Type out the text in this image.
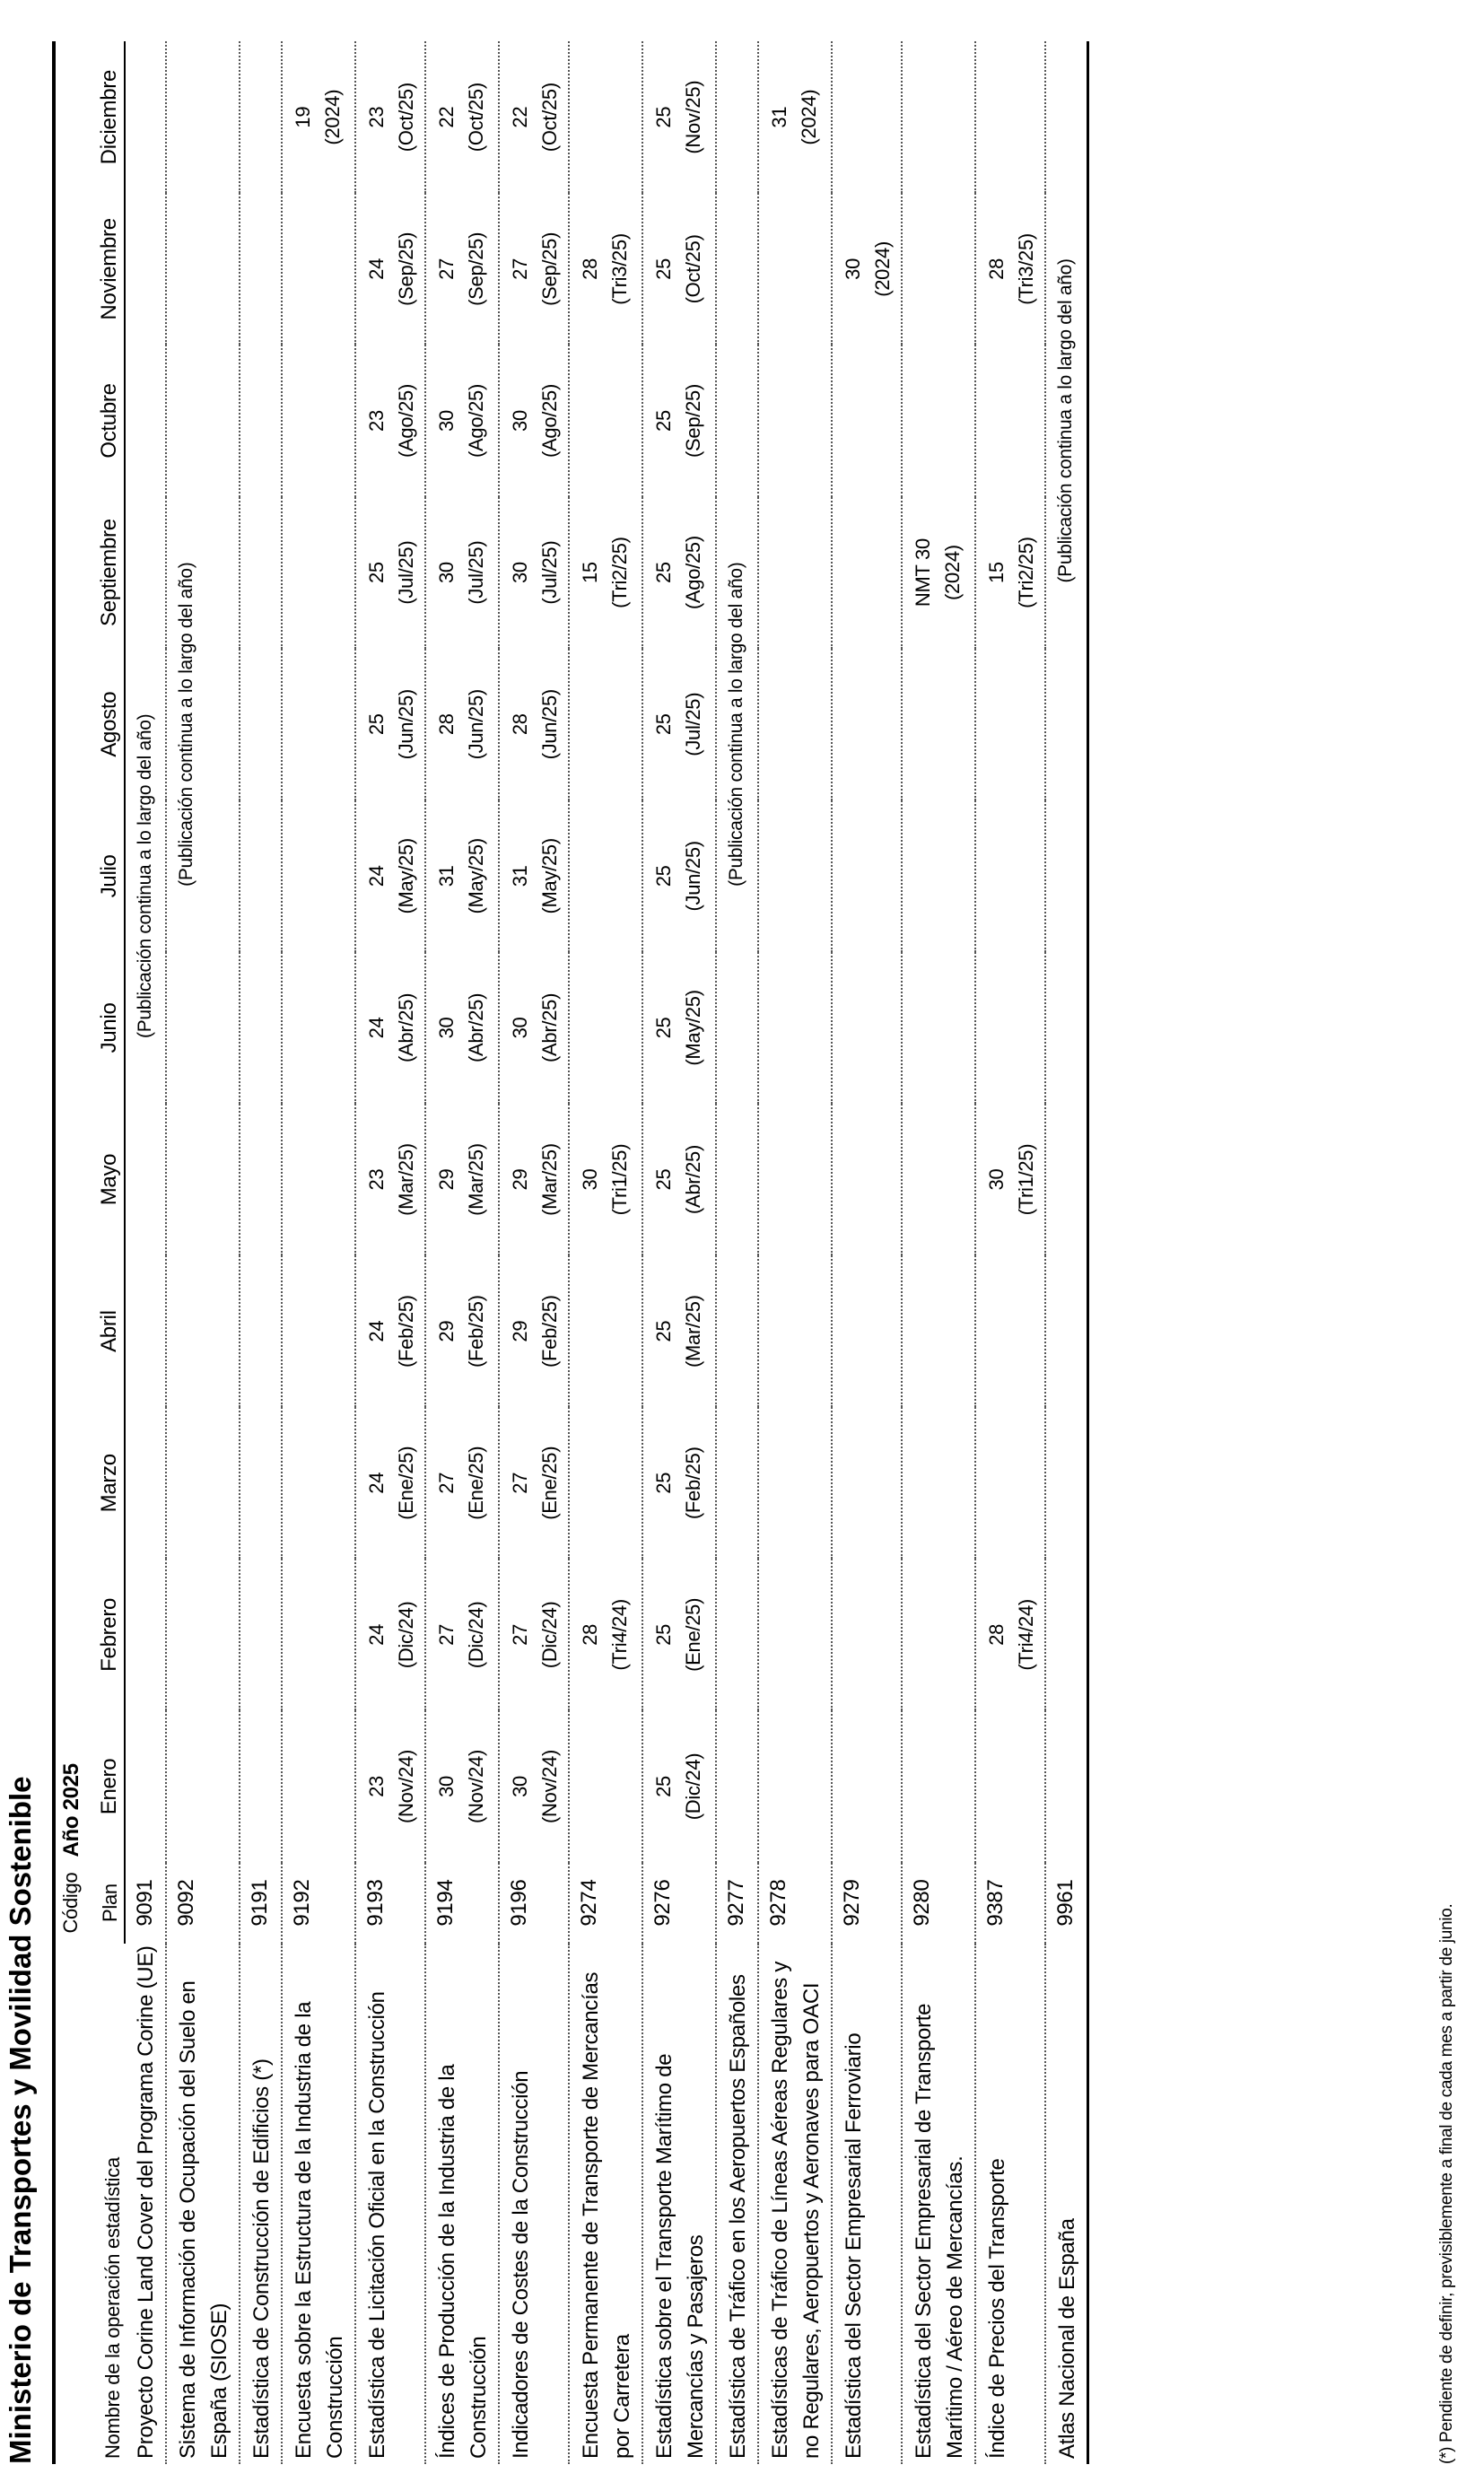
Ministerio de Transportes y Movilidad Sostenible	Nombre de la operación estadística	Código	Año 2025											
	Plan	Enero	Febrero	Marzo	Abril	Mayo	Junio	Julio	Agosto	Septiembre	Octubre	Noviembre	Diciembre
Proyecto Corine Land Cover del Programa Corine (UE)	9091					(Publicación continua a lo largo del año)							
Sistema de Información de Ocupación del Suelo en España (SIOSE)	9092						(Publicación continua a lo largo del año)						
Estadística de Construcción de Edificios (*)	9191												
Encuesta sobre la Estructura de la Industria de la Construcción	9192												19 (2024)

Estadística de Licitación Oficial en la Construcción	9193	23 (Nov/24)	24 (Dic/24)	24 (Ene/25)	24 (Feb/25)	23 (Mar/25)	24 (Abr/25)	24 (May/25)	25 (Jun/25)	25 (Jul/25)	23 (Ago/25)	24 (Sep/25)	23 (Oct/25)

Índices de Producción de la Industria de la Construcción	9194	30 (Nov/24)	27 (Dic/24)	27 (Ene/25)	29 (Feb/25)	29 (Mar/25)	30 (Abr/25)	31 (May/25)	28 (Jun/25)	30 (Jul/25)	30 (Ago/25)	27 (Sep/25)	22 (Oct/25)

Indicadores de Costes de la Construcción	9196	30 (Nov/24)	27 (Dic/24)	27 (Ene/25)	29 (Feb/25)	29 (Mar/25)	30 (Abr/25)	31 (May/25)	28 (Jun/25)	30 (Jul/25)	30 (Ago/25)	27 (Sep/25)	22 (Oct/25)

Encuesta Permanente de Transporte de Mercancías por Carretera	9274		28 (Tri4/24)			30 (Tri1/25)				15 (Tri2/25)		28 (Tri3/25)	

Estadística sobre el Transporte Marítimo de Mercancías y Pasajeros	9276	25 (Dic/24)	25 (Ene/25)	25 (Feb/25)	25 (Mar/25)	25 (Abr/25)	25 (May/25)	25 (Jun/25)	25 (Jul/25)	25 (Ago/25)	25 (Sep/25)	25 (Oct/25)	25 (Nov/25)

Estadística de Tráfico en los Aeropuertos Españoles	9277						(Publicación continua a lo largo del año)						
Estadísticas de Tráfico de Líneas Aéreas Regulares y no Regulares, Aeropuertos y Aeronaves para OACI	9278												31 (2024)

Estadística del Sector Empresarial Ferroviario	9279											30 (2024)	

Estadística del Sector Empresarial de Transporte Marítimo / Aéreo de Mercancías.	9280									NMT 30 (2024)			

Índice de Precios del Transporte	9387		28 (Tri4/24)			30 (Tri1/25)				15 (Tri2/25)		28 (Tri3/25)	

Atlas Nacional de España	9961								(Publicación continua a lo largo del año)				
(*) Pendiente de definir, previsiblemente a final de cada mes a partir de junio.
